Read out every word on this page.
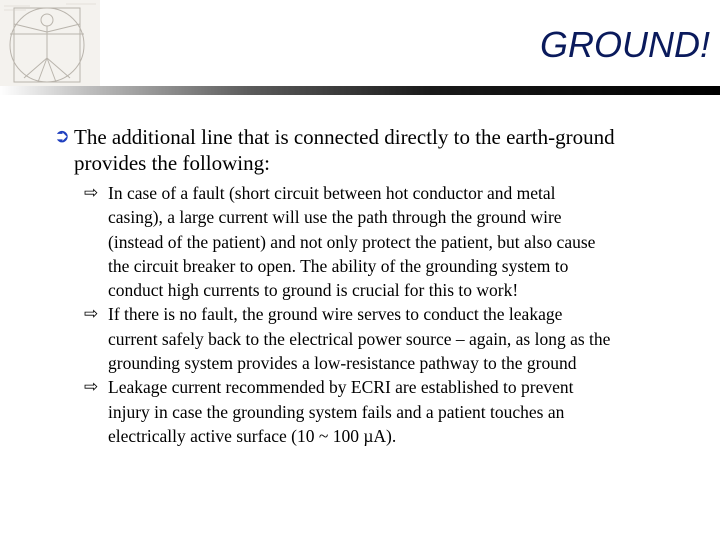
GROUND!
➲ The additional line that is connected directly to the earth-ground
provides the following:
⇨ In case of a fault (short circuit between hot conductor and metal
casing), a large current will use the path through the ground wire
(instead of the patient) and not only protect the patient, but also cause
the circuit breaker to open. The ability of the grounding system to
conduct high currents to ground is crucial for this to work!
⇨ If there is no fault, the ground wire serves to conduct the leakage
current safely back to the electrical power source – again, as long as the
grounding system provides a low-resistance pathway to the ground
⇨ Leakage current recommended by ECRI are established to prevent
injury in case the grounding system fails and a patient touches an
electrically active surface (10 ~ 100 µA).
